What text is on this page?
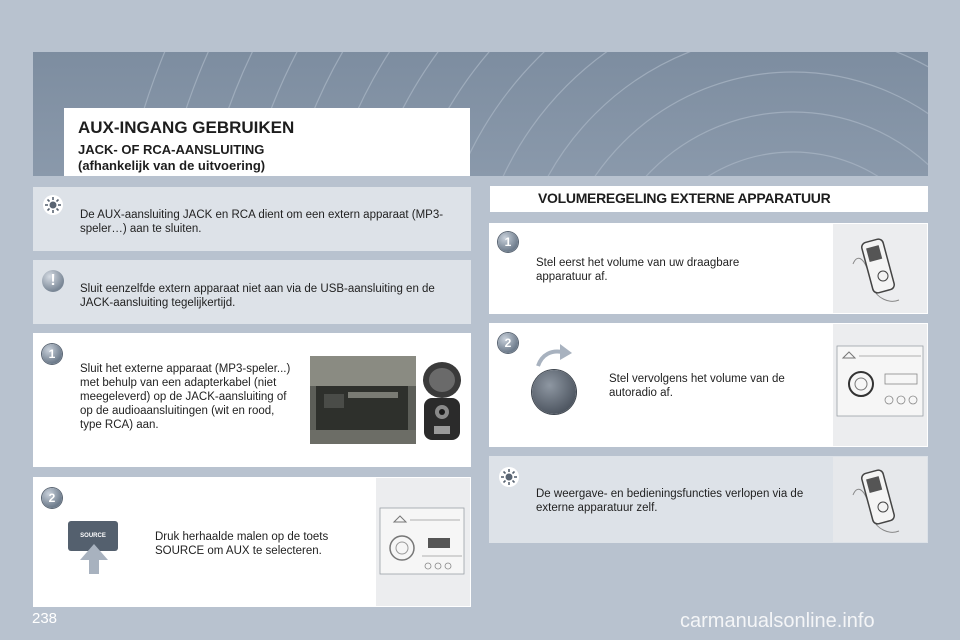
AUX-INGANG GEBRUIKEN
JACK- OF RCA-AANSLUITING
(afhankelijk van de uitvoering)
De AUX-aansluiting JACK en RCA dient om een extern apparaat (MP3-speler…) aan te sluiten.
!	Sluit eenzelfde extern apparaat niet aan via de USB-aansluiting en de JACK-aansluiting tegelijkertijd.
1
Sluit het externe apparaat (MP3-speler...) met behulp van een adapterkabel (niet meegeleverd) op de JACK-aansluiting of op de audioaansluitingen (wit en rood, type RCA) aan.
2
SOURCE	Druk herhaalde malen op de toets SOURCE om AUX te selecteren.
VOLUMEREGELING EXTERNE APPARATUUR
1
Stel eerst het volume van uw draagbare apparatuur af.
2
Stel vervolgens het volume van de autoradio af.
De weergave- en bedieningsfuncties verlopen via de externe apparatuur zelf.
238	carmanualsonline.info
